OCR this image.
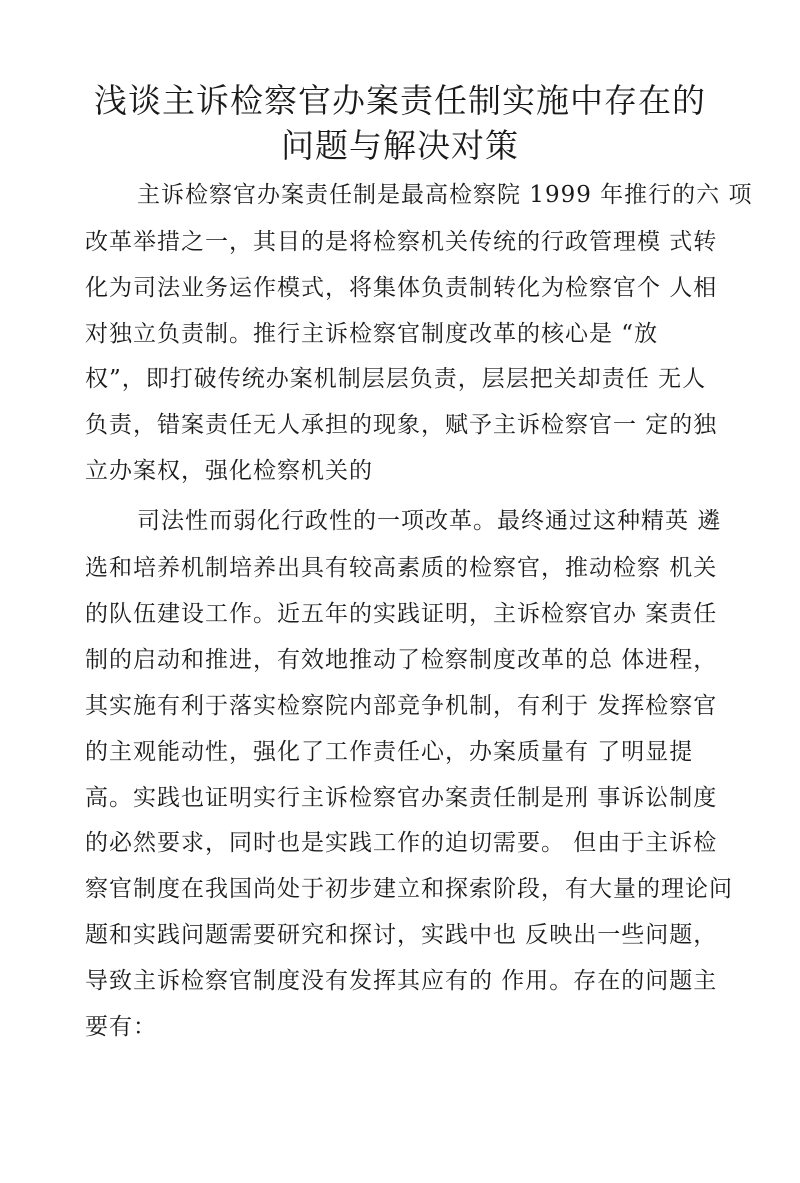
浅谈主诉检察官办案责任制实施中存在的
问题与解决对策
主诉检察官办案责任制是最高检察院 1999 年推行的六 项
改革举措之一，其目的是将检察机关传统的行政管理模 式转
化为司法业务运作模式，将集体负责制转化为检察官个 人相
对独立负责制。推行主诉检察官制度改革的核心是 “放
权”，即打破传统办案机制层层负责，层层把关却责任 无人
负责，错案责任无人承担的现象，赋予主诉检察官一 定的独
立办案权，强化检察机关的
司法性而弱化行政性的一项改革。最终通过这种精英 遴
选和培养机制培养出具有较高素质的检察官，推动检察 机关
的队伍建设工作。近五年的实践证明，主诉检察官办 案责任
制的启动和推进，有效地推动了检察制度改革的总 体进程，
其实施有利于落实检察院内部竞争机制，有利于 发挥检察官
的主观能动性，强化了工作责任心，办案质量有 了明显提
高。实践也证明实行主诉检察官办案责任制是刑 事诉讼制度
的必然要求，同时也是实践工作的迫切需要。 但由于主诉检
察官制度在我国尚处于初步建立和探索阶段，有大量的理论问
题和实践问题需要研究和探讨，实践中也 反映出一些问题，
导致主诉检察官制度没有发挥其应有的 作用。存在的问题主
要有：
